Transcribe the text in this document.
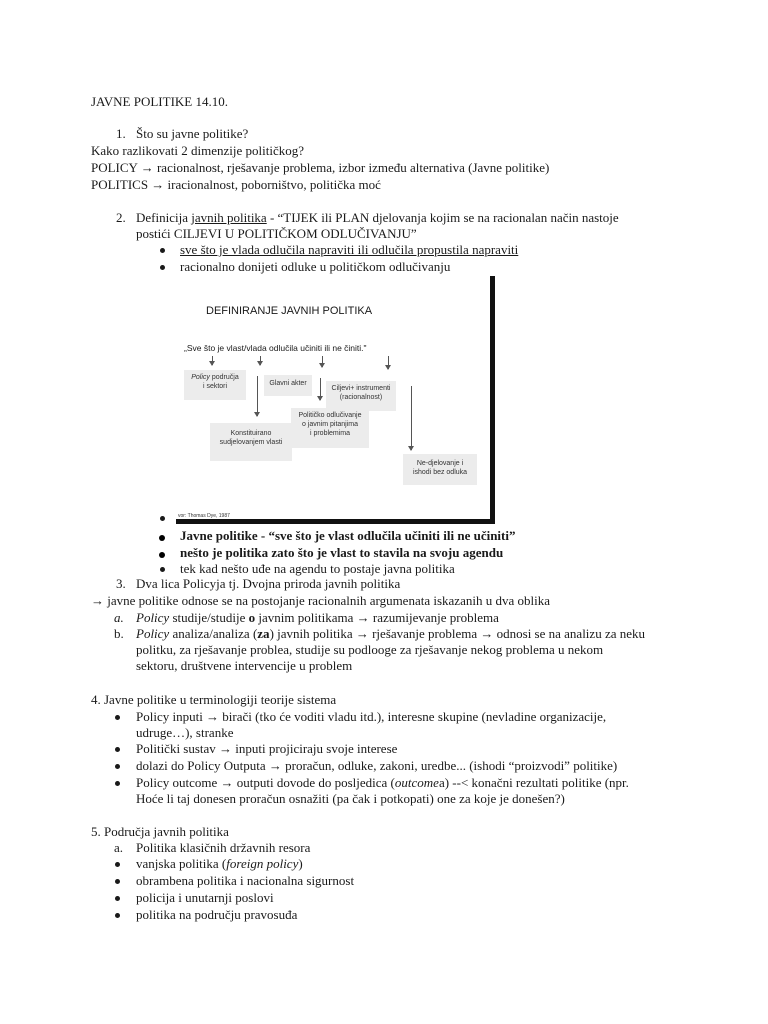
JAVNE POLITIKE 14.10.
1. Što su javne politike?
Kako razlikovati 2 dimenzije političkog?
POLICY → racionalnost, rješavanje problema, izbor između alternativa (Javne politike)
POLITICS → iracionalnost, poborništvo, politička moć
2. Definicija javnih politika - “TIJEK ili PLAN djelovanja kojim se na racionalan način nastoje
postići CILJEVI U POLITIČKOM ODLUČIVANJU”
sve što je vlada odlučila napraviti ili odlučila propustila napraviti
racionalno donijeti odluke u političkom odlučivanju
DEFINIRANJE JAVNIH POLITIKA
„Sve što je vlast/vlada odlučila učiniti ili ne činiti."
Policy područja
i sektori	Glavni akter
Ciljevi+ instrumenti
(racionalnost)
Političko odlučivanje
o javnim pitanjima
i problemima
Konstituirano
sudjelovanjem vlasti
Ne-djelovanje i
ishodi bez odluka
vor: Thomas Dye, 1987
Javne politike - “sve što je vlast odlučila učiniti ili ne učiniti”
nešto je politika zato što je vlast to stavila na svoju agendu
tek kad nešto uđe na agendu to postaje javna politika
3. Dva lica Policyja tj. Dvojna priroda javnih politika
→ javne politike odnose se na postojanje racionalnih argumenata iskazanih u dva oblika
a. Policy studije/studije o javnim politikama → razumijevanje problema
b. Policy analiza/analiza (za) javnih politika → rješavanje problema → odnosi se na analizu za neku
politku, za rješavanje problea, studije su podlooge za rješavanje nekog problema u nekom
sektoru, društvene intervencije u problem
4. Javne politike u terminologiji teorije sistema
Policy inputi → birači (tko će voditi vladu itd.), interesne skupine (nevladine organizacije,
udruge…), stranke
Politički sustav → inputi projiciraju svoje interese
dolazi do Policy Outputa → proračun, odluke, zakoni, uredbe... (ishodi “proizvodi” politike)
Policy outcome → outputi dovode do posljedica (outcomea) --< konačni rezultati politike (npr.
Hoće li taj donesen proračun osnažiti (pa čak i potkopati) one za koje je donešen?)
5. Područja javnih politika
a. Politika klasičnih državnih resora
vanjska politika (foreign policy)
obrambena politika i nacionalna sigurnost
policija i unutarnji poslovi
politika na području pravosuđa
